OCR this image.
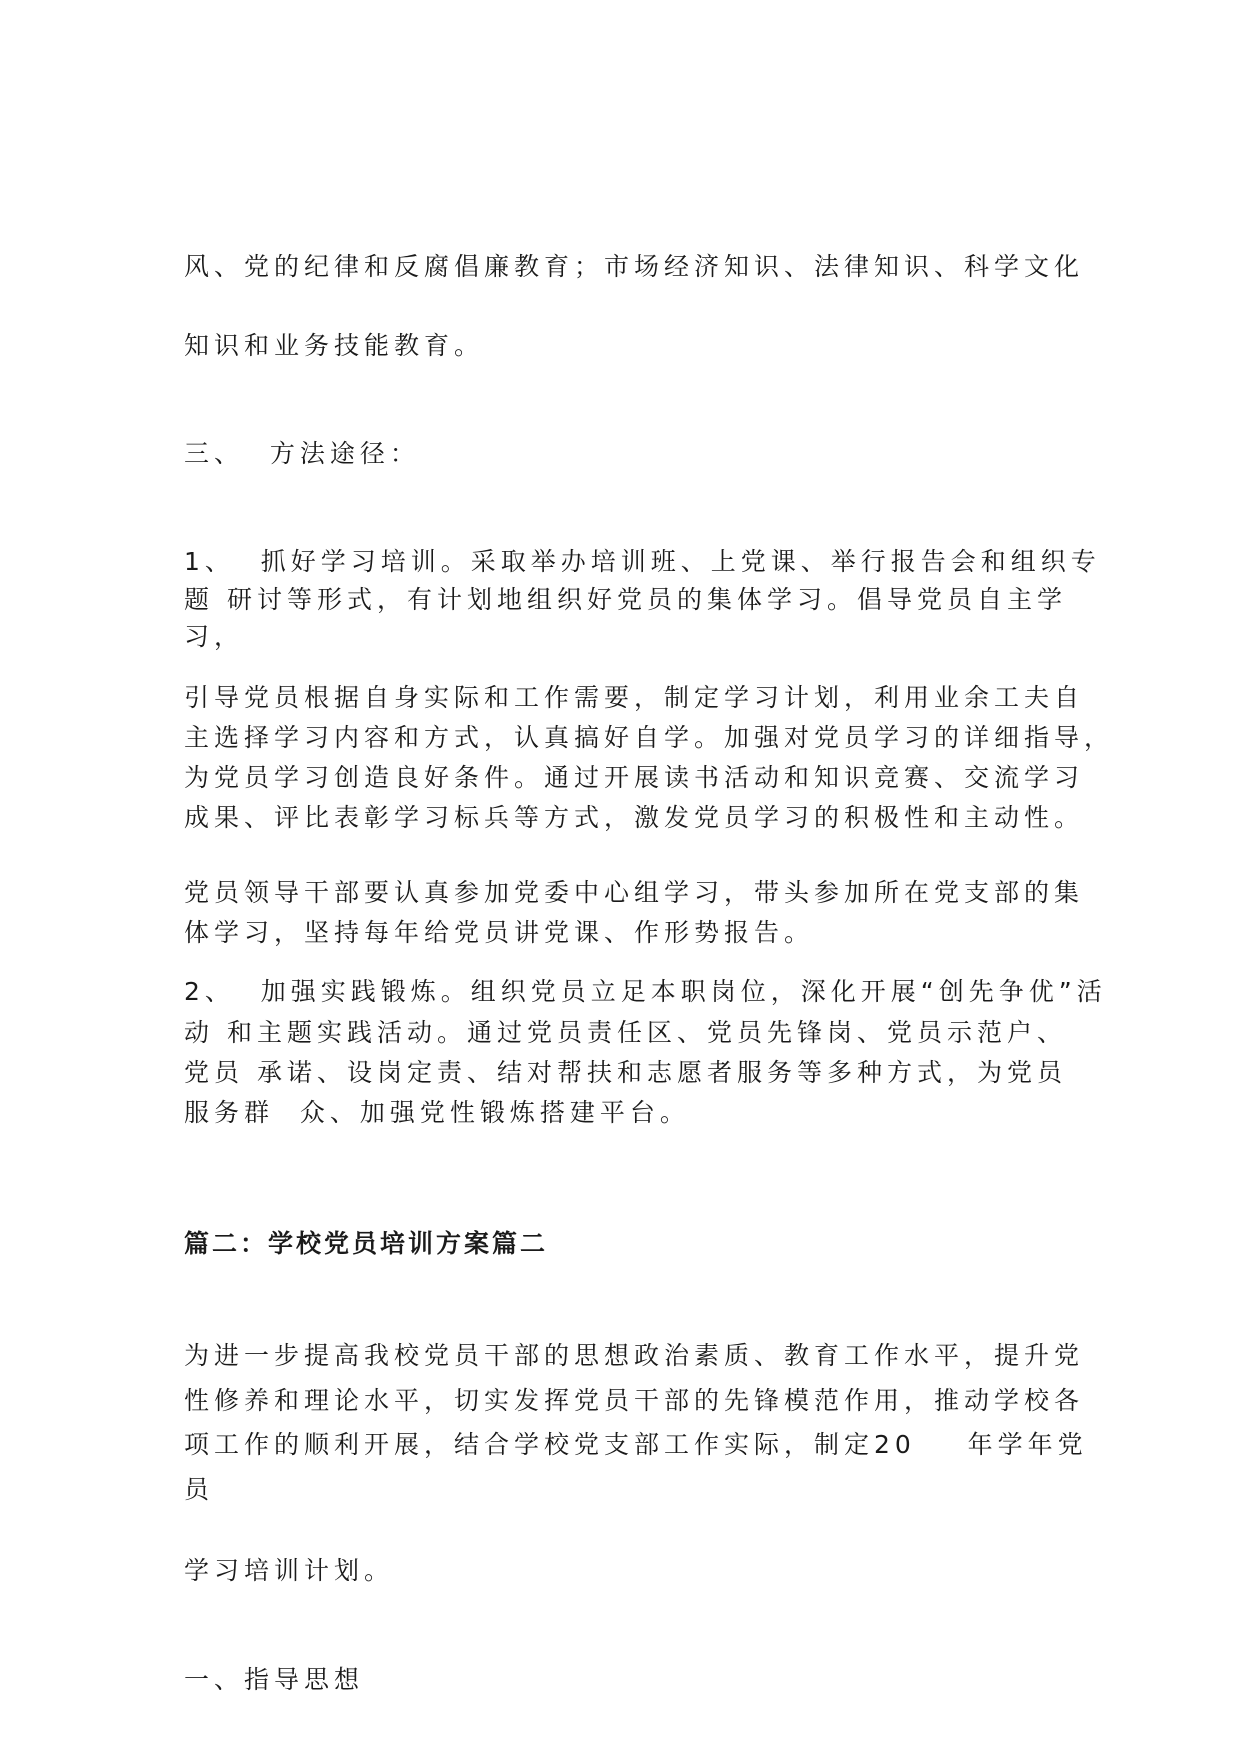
风、党的纪律和反腐倡廉教育；市场经济知识、法律知识、科学文化
知识和业务技能教育。
三、  方法途径：
1、  抓好学习培训。采取举办培训班、上党课、举行报告会和组织专
题 研讨等形式，有计划地组织好党员的集体学习。倡导党员自主学
习，
引导党员根据自身实际和工作需要，制定学习计划，利用业余工夫自
主选择学习内容和方式，认真搞好自学。加强对党员学习的详细指导，
为党员学习创造良好条件。通过开展读书活动和知识竞赛、交流学习
成果、评比表彰学习标兵等方式，激发党员学习的积极性和主动性。
党员领导干部要认真参加党委中心组学习，带头参加所在党支部的集
体学习，坚持每年给党员讲党课、作形势报告。
2、  加强实践锻炼。组织党员立足本职岗位，深化开展“创先争优”活
动 和主题实践活动。通过党员责任区、党员先锋岗、党员示范户、
党员 承诺、设岗定责、结对帮扶和志愿者服务等多种方式，为党员
服务群  众、加强党性锻炼搭建平台。
篇二：学校党员培训方案篇二
为进一步提高我校党员干部的思想政治素质、教育工作水平，提升党
性修养和理论水平，切实发挥党员干部的先锋模范作用，推动学校各
项工作的顺利开展，结合学校党支部工作实际，制定20    年学年党
员
学习培训计划。
一、指导思想
